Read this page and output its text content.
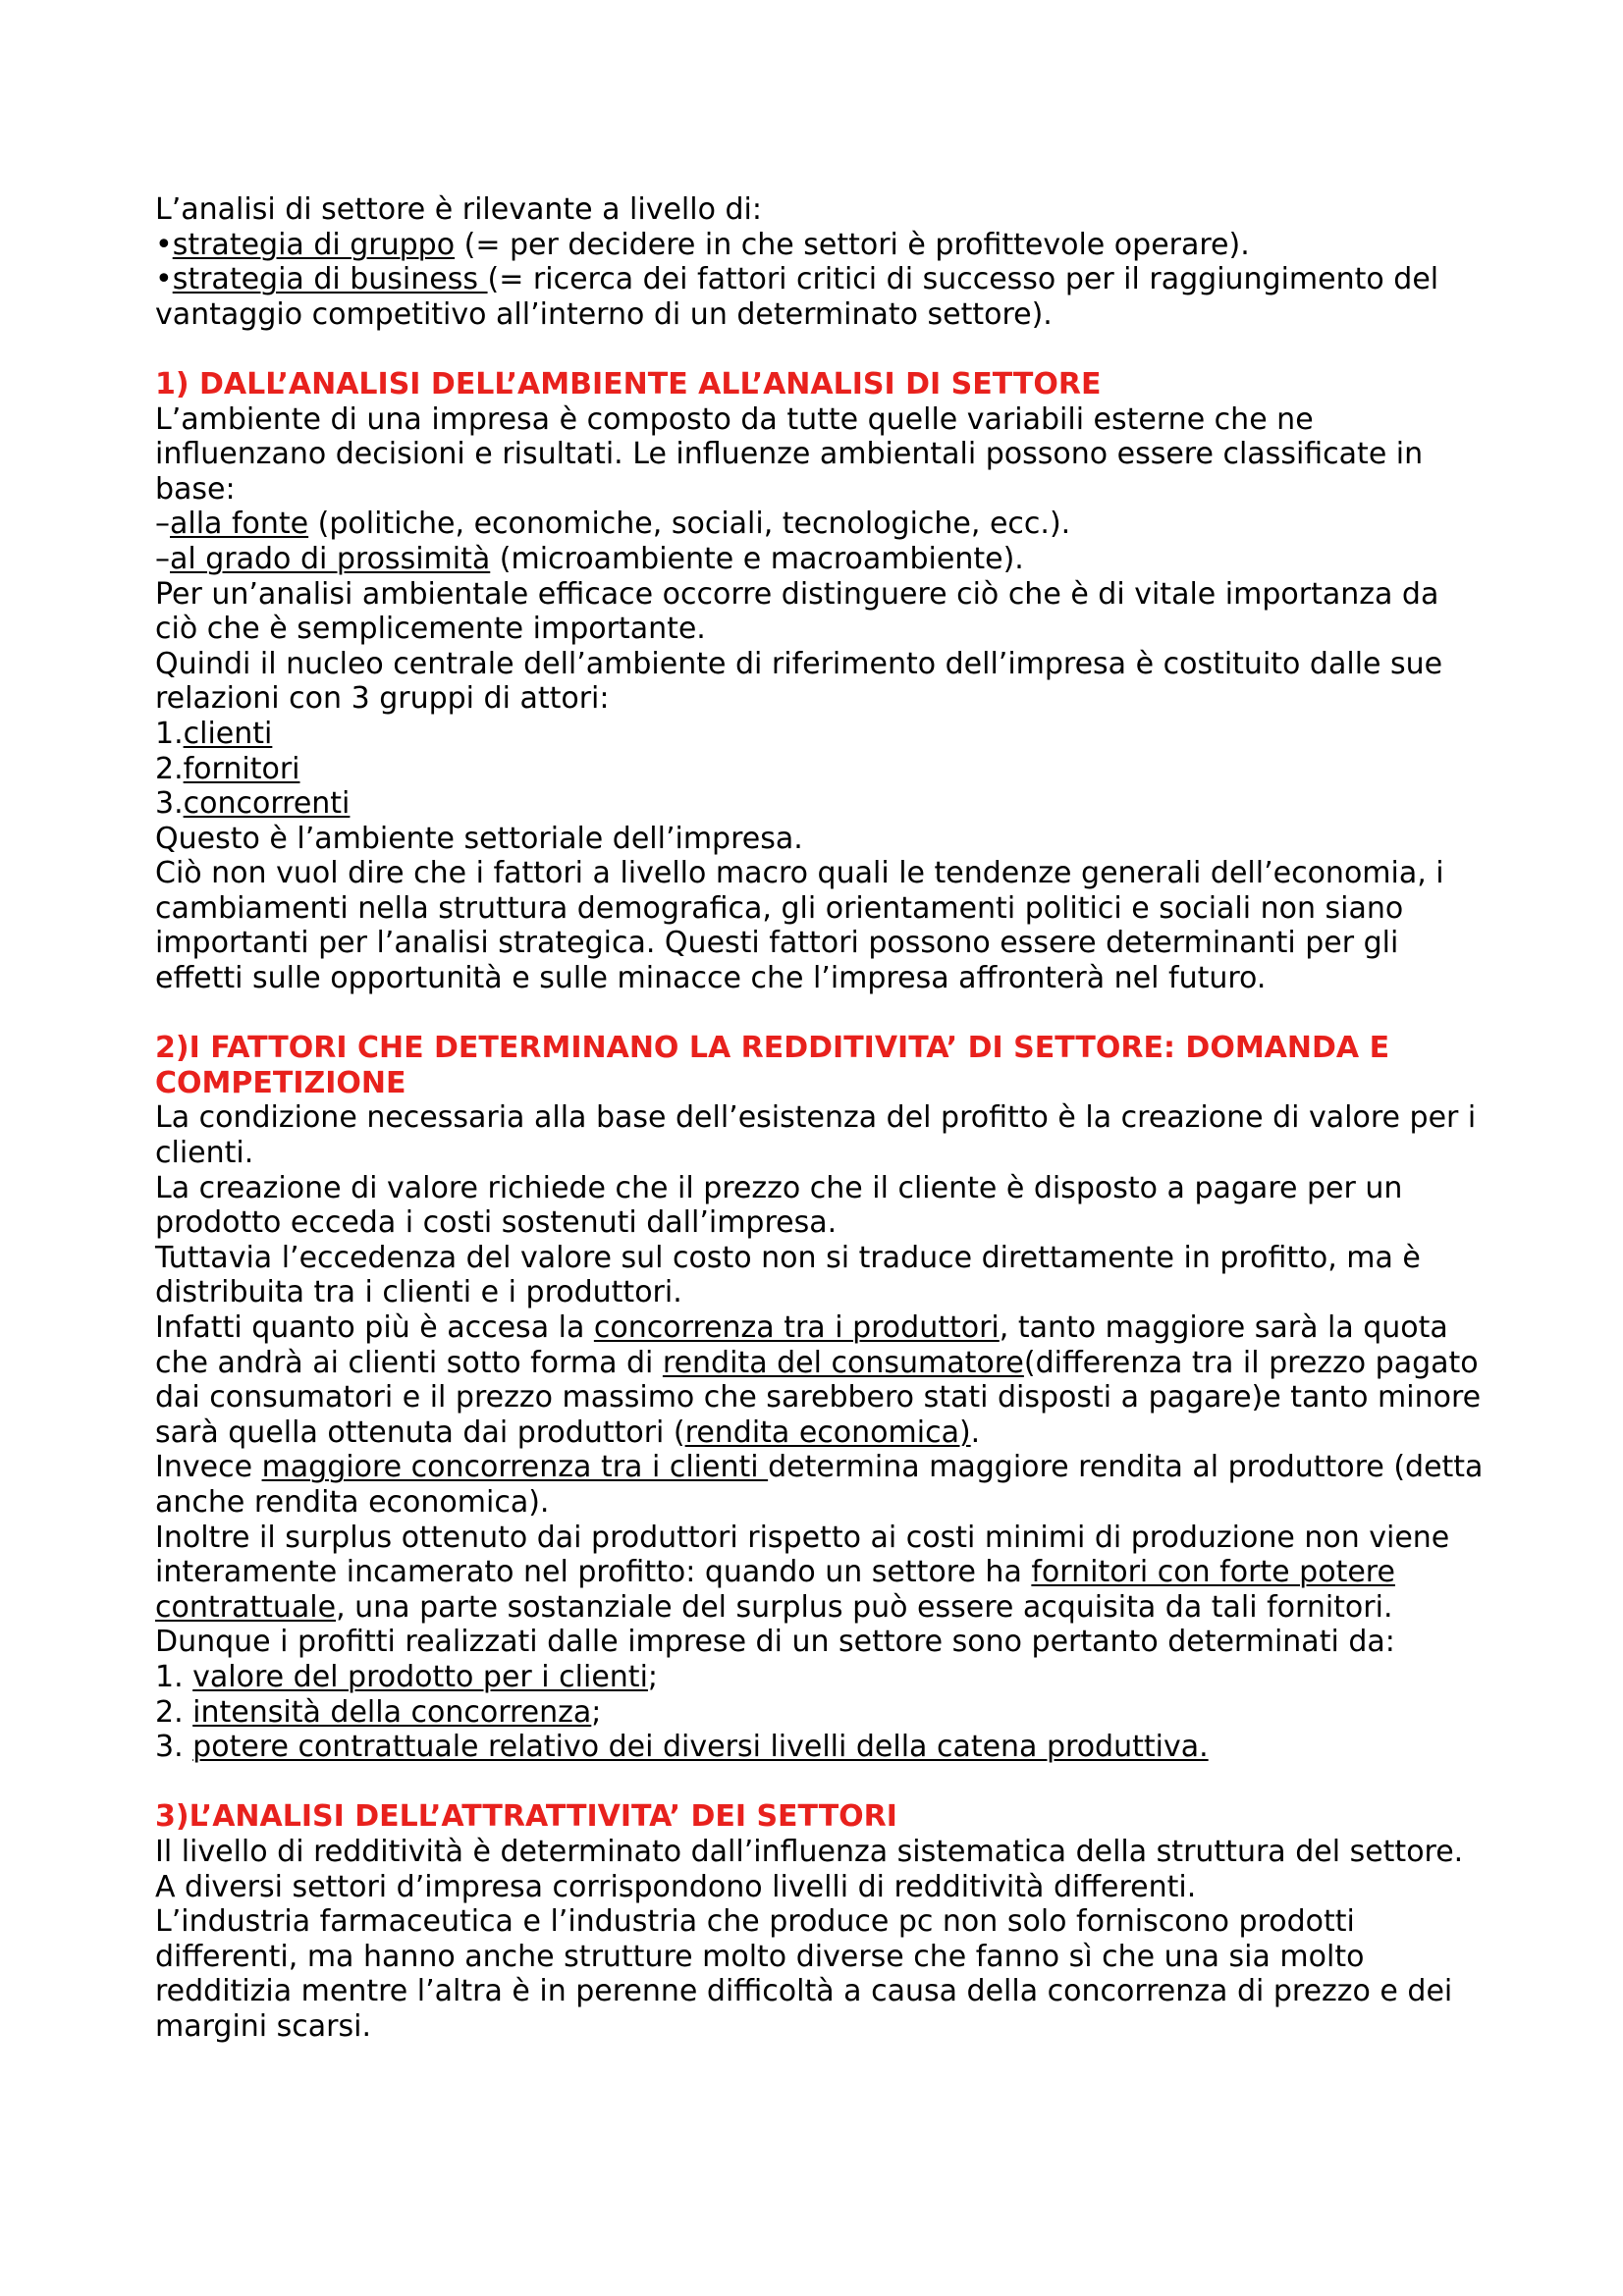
L’analisi di settore è rilevante a livello di:

•strategia di gruppo (= per decidere in che settori è profittevole operare).

•strategia di business (= ricerca dei fattori critici di successo per il raggiungimento del vantaggio competitivo all’interno di un determinato settore).

1) DALL’ANALISI DELL’AMBIENTE ALL’ANALISI DI SETTORE

L’ambiente di una impresa è composto da tutte quelle variabili esterne che ne influenzano decisioni e risultati. Le influenze ambientali possono essere classificate in base:

–alla fonte (politiche, economiche, sociali, tecnologiche, ecc.).

–al grado di prossimità (microambiente e macroambiente).

Per un’analisi ambientale efficace occorre distinguere ciò che è di vitale importanza da ciò che è semplicemente importante.

Quindi il nucleo centrale dell’ambiente di riferimento dell’impresa è costituito dalle sue relazioni con 3 gruppi di attori:

1.clienti

2.fornitori

3.concorrenti

Questo è l’ambiente settoriale dell’impresa.

Ciò non vuol dire che i fattori a livello macro quali le tendenze generali dell’economia, i cambiamenti nella struttura demografica, gli orientamenti politici e sociali non siano importanti per l’analisi strategica. Questi fattori possono essere determinanti per gli effetti sulle opportunità e sulle minacce che l’impresa affronterà nel futuro.

2)I FATTORI CHE DETERMINANO LA REDDITIVITA’ DI SETTORE: DOMANDA E COMPETIZIONE

La condizione necessaria alla base dell’esistenza del profitto è la creazione di valore per i clienti.

La creazione di valore richiede che il prezzo che il cliente è disposto a pagare per un prodotto ecceda i costi sostenuti dall’impresa.

Tuttavia l’eccedenza del valore sul costo non si traduce direttamente in profitto, ma è distribuita tra i clienti e i produttori.

Infatti quanto più è accesa la concorrenza tra i produttori, tanto maggiore sarà la quota che andrà ai clienti sotto forma di rendita del consumatore(differenza tra il prezzo pagato dai consumatori e il prezzo massimo che sarebbero stati disposti a pagare)e tanto minore sarà quella ottenuta dai produttori (rendita economica).

Invece maggiore concorrenza tra i clienti determina maggiore rendita al produttore (detta anche rendita economica).

Inoltre il surplus ottenuto dai produttori rispetto ai costi minimi di produzione non viene interamente incamerato nel profitto: quando un settore ha fornitori con forte potere contrattuale, una parte sostanziale del surplus può essere acquisita da tali fornitori.

Dunque i profitti realizzati dalle imprese di un settore sono pertanto determinati da:

1. valore del prodotto per i clienti;

2. intensità della concorrenza;

3. potere contrattuale relativo dei diversi livelli della catena produttiva.

3)L’ANALISI DELL’ATTRATTIVITA’ DEI SETTORI

Il livello di redditività è determinato dall’influenza sistematica della struttura del settore.

A diversi settori d’impresa corrispondono livelli di redditività differenti.

L’industria farmaceutica e l’industria che produce pc non solo forniscono prodotti differenti, ma hanno anche strutture molto diverse che fanno sì che una sia molto redditizia mentre l’altra è in perenne difficoltà a causa della concorrenza di prezzo e dei margini scarsi.
